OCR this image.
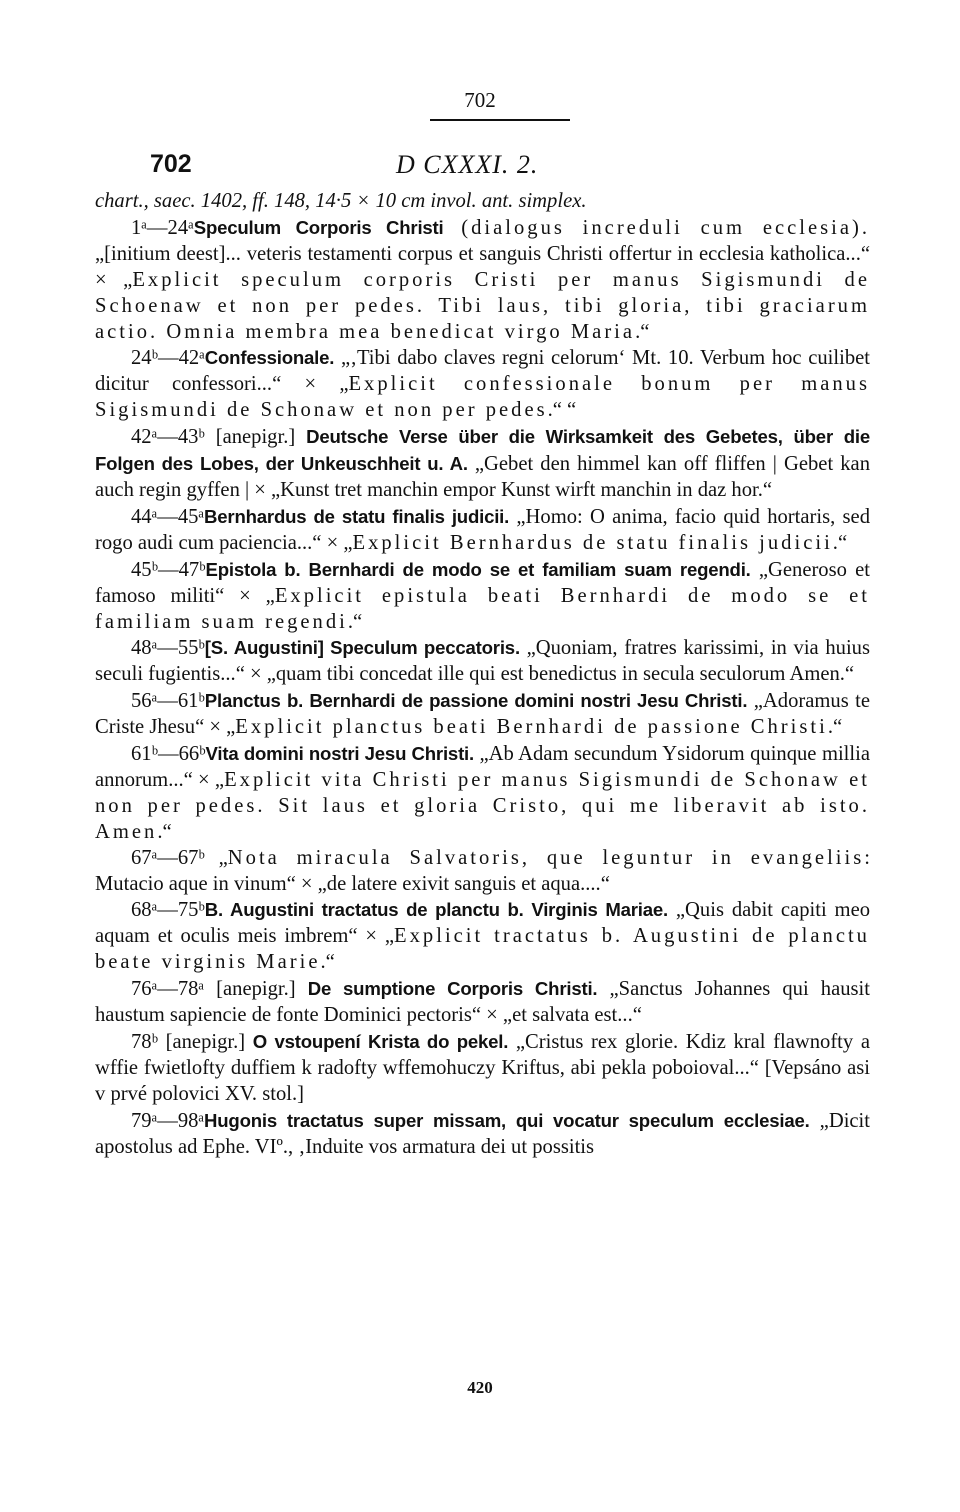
702
702	D CXXXI. 2.

chart., saec. 1402, ff. 148, 14·5 × 10 cm invol. ant. simplex.

1ᵃ—24ᵃSpeculum Corporis Christi (dialogus increduli cum ecclesia). „[initium deest]... veteris testamenti corpus et sanguis Christi offertur in ecclesia katholica...“ × „Explicit speculum corporis Cristi per manus Sigismundi de Schoenaw et non per pedes. Tibi laus, tibi gloria, tibi graciarum actio. Omnia membra mea benedicat virgo Maria.“

24ᵇ—42ᵃConfessionale. „‚Tibi dabo claves regni celorum‘ Mt. 10. Verbum hoc cuilibet dicitur confessori...“ × „Explicit confessionale bonum per manus Sigismundi de Schonaw et non per pedes.“ “

42ᵃ—43ᵇ [anepigr.] Deutsche Verse über die Wirksamkeit des Gebetes, über die Folgen des Lobes, der Unkeuschheit u. A. „Gebet den himmel kan off fliffen | Gebet kan auch regin gyffen | × „Kunst tret manchin empor Kunst wirft manchin in daz hor.“

44ᵃ—45ᵃBernhardus de statu finalis judicii. „Homo: O anima, facio quid hortaris, sed rogo audi cum paciencia...“ × „Explicit Bernhardus de statu finalis judicii.“

45ᵇ—47ᵇEpistola b. Bernhardi de modo se et familiam suam regendi. „Generoso et famoso militi“ × „Explicit epistula beati Bernhardi de modo se et familiam suam regendi.“

48ᵃ—55ᵇ[S. Augustini] Speculum peccatoris. „Quoniam, fratres karissimi, in via huius seculi fugientis...“ × „quam tibi concedat ille qui est benedictus in secula seculorum Amen.“

56ᵃ—61ᵇPlanctus b. Bernhardi de passione domini nostri Jesu Christi. „Adoramus te Criste Jhesu“ × „Explicit planctus beati Bernhardi de passione Christi.“

61ᵇ—66ᵇVita domini nostri Jesu Christi. „Ab Adam secundum Ysidorum quinque millia annorum...“ × „Explicit vita Christi per manus Sigismundi de Schonaw et non per pedes. Sit laus et gloria Cristo, qui me liberavit ab isto. Amen.“

67ᵃ—67ᵇ „Nota miracula Salvatoris, que leguntur in evangeliis: Mutacio aque in vinum“ × „de latere exivit sanguis et aqua....“

68ᵃ—75ᵇB. Augustini tractatus de planctu b. Virginis Mariae. „Quis dabit capiti meo aquam et oculis meis imbrem“ × „Explicit tractatus b. Augustini de planctu beate virginis Marie.“

76ᵃ—78ᵃ [anepigr.] De sumptione Corporis Christi. „Sanctus Johannes qui hausit haustum sapiencie de fonte Dominici pectoris“ × „et salvata est...“

78ᵇ [anepigr.] O vstoupení Krista do pekel. „Cristus rex glorie. Kdiz kral flawnofty a wffie fwietlofty duffiem k radofty wffemohuczy Kriftus, abi pekla poboioval...“ [Vepsáno asi v prvé polovici XV. stol.]

79ᵃ—98ᵃHugonis tractatus super missam, qui vocatur speculum ecclesiae. „Dicit apostolus ad Ephe. VIº., ‚Induite vos armatura dei ut possitis

420
